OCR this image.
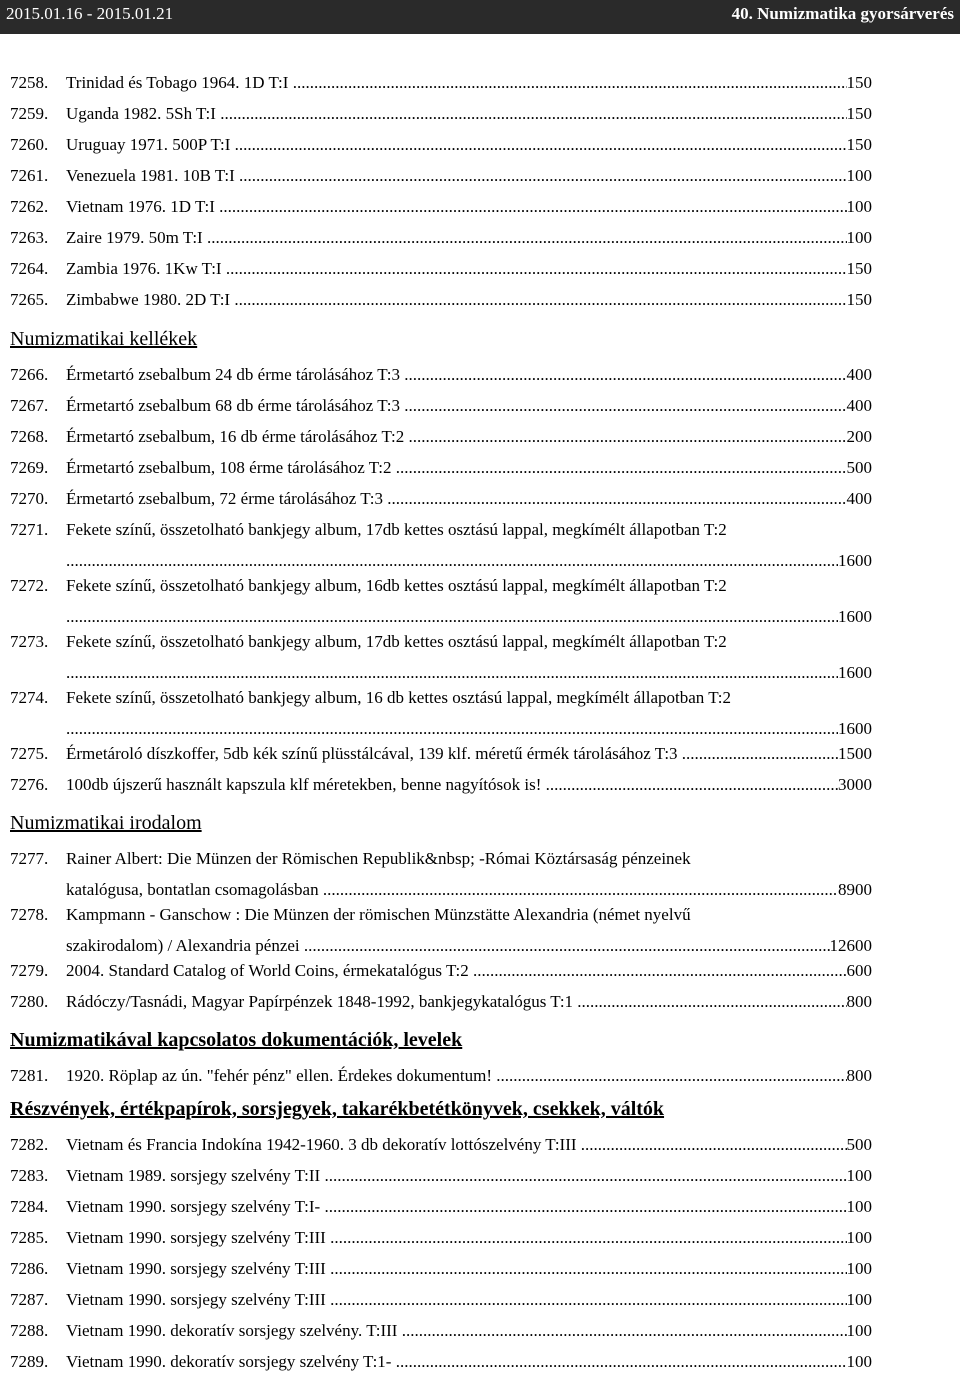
2015.01.16 - 2015.01.21	40. Numizmatika gyorsárverés
7258. Trinidad és Tobago 1964. 1D T:I .....	150
7259. Uganda 1982. 5Sh T:I .....	150
7260. Uruguay 1971. 500P T:I .....	150
7261. Venezuela 1981. 10B T:I .....	100
7262. Vietnam 1976. 1D T:I .....	100
7263. Zaire 1979. 50m T:I .....	100
7264. Zambia 1976. 1Kw T:I .....	150
7265. Zimbabwe 1980. 2D T:I .....	150
Numizmatikai kellékek
7266. Érmetartó zsebalbum 24 db érme tárolásához T:3 .....	400
7267. Érmetartó zsebalbum 68 db érme tárolásához T:3 .....	400
7268. Érmetartó zsebalbum, 16 db érme tárolásához T:2 .....	200
7269. Érmetartó zsebalbum, 108 érme tárolásához T:2 .....	500
7270. Érmetartó zsebalbum, 72 érme tárolásához T:3 .....	400
7271. Fekete színű, összetolható bankjegy album, 17db kettes osztású lappal, megkímélt állapotban T:2
.....
1600
7272. Fekete színű, összetolható bankjegy album, 16db kettes osztású lappal, megkímélt állapotban T:2
.....
1600
7273. Fekete színű, összetolható bankjegy album, 17db kettes osztású lappal, megkímélt állapotban T:2
.....
1600
7274. Fekete színű, összetolható bankjegy album, 16 db kettes osztású lappal, megkímélt állapotban T:2
.....
1600
7275. Érmetároló díszkoffer, 5db kék színű plüsstálcával, 139 klf. méretű érmék tárolásához T:3 .....	1500
7276. 100db újszerű használt kapszula klf méretekben, benne nagyítósok is! .....	3000
Numizmatikai irodalom
7277. Rainer Albert: Die Münzen der Römischen Republik&nbsp; -Római Köztársaság pénzeinek
katalógusa, bontatlan csomagolásban .....	8900
7278. Kampmann - Ganschow : Die Münzen der römischen Münzstätte Alexandria (német nyelvű
szakirodalom) / Alexandria pénzei .....	12600
7279. 2004. Standard Catalog of World Coins, érmekatalógus T:2 .....	600
7280. Rádóczy/Tasnádi, Magyar Papírpénzek 1848-1992, bankjegykatalógus T:1 .....	800
Numizmatikával kapcsolatos dokumentációk, levelek
7281. 1920. Röplap az ún. "fehér pénz" ellen. Érdekes dokumentum! .....	800
Részvények, értékpapírok, sorsjegyek, takarékbetétkönyvek, csekkek, váltók
7282. Vietnam és Francia Indokína 1942-1960. 3 db dekoratív lottószelvény T:III .....	500
7283. Vietnam 1989. sorsjegy szelvény T:II .....	100
7284. Vietnam 1990. sorsjegy szelvény T:I- .....	100
7285. Vietnam 1990. sorsjegy szelvény T:III .....	100
7286. Vietnam 1990. sorsjegy szelvény T:III .....	100
7287. Vietnam 1990. sorsjegy szelvény T:III .....	100
7288. Vietnam 1990. dekoratív sorsjegy szelvény. T:III .....	100
7289. Vietnam 1990. dekoratív sorsjegy szelvény T:1- .....	100
